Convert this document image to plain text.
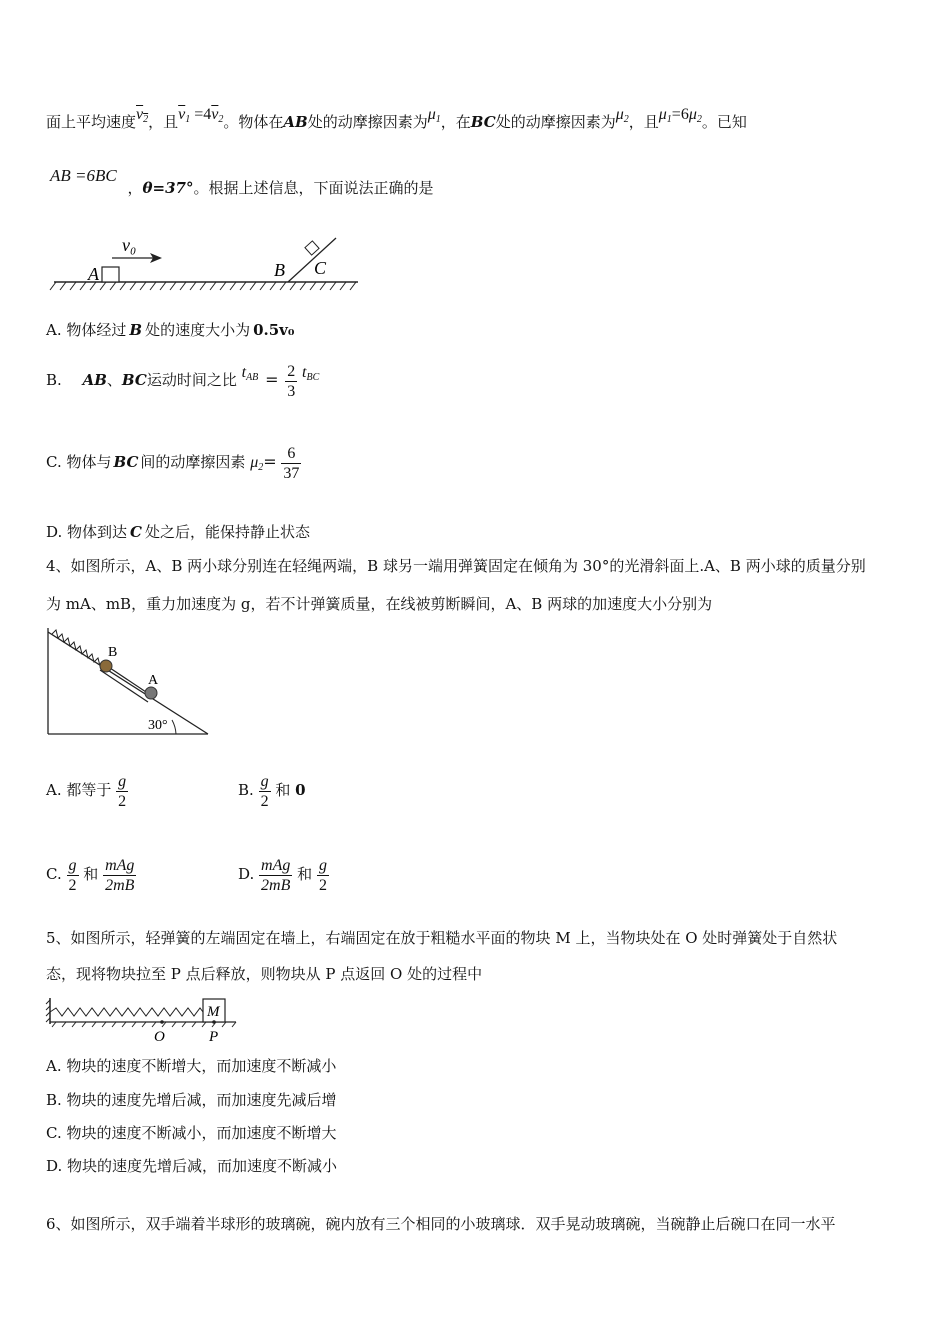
面上平均速度$v_2$，且$\overline{v}_1 =4\overline{v}_2$。物体在AB处的动摩擦因素为$\mu_1$，在BC处的动摩擦因素为$\mu_2$，且$\mu_1=6\mu_2$。已知
AB =6BC ，θ=37°。根据上述信息，下面说法正确的是
v₀
A	B C
A. 物体经过 B 处的速度大小为 0.5v₀
B. AB、BC运动时间之比 $t_{AB} = \frac{2}{3} t_{BC}$
C. 物体与 BC 间的动摩擦因素 $\mu_2= \frac{6}{37}$
D. 物体到达 C 处之后，能保持静止状态
4、如图所示，A、B 两小球分别连在轻绳两端，B 球另一端用弹簧固定在倾角为 30°的光滑斜面上.A、B 两小球的质量分别
为 mA、mB，重力加速度为 g，若不计弹簧质量，在线被剪断瞬间，A、B 两球的加速度大小分别为
B
A
30°
A. 都等于 $\frac{g}{2}$	B. $\frac{g}{2}$ 和 0
C. $\frac{g}{2}$ 和 $\frac{\text{mAg}}{2mB}$	D. $\frac{\text{mAg}}{2mB}$ 和 $\frac{g}{2}$
5、如图所示，轻弹簧的左端固定在墙上，右端固定在放于粗糙水平面的物块 M 上，当物块处在 O 处时弹簧处于自然状
态，现将物块拉至 P 点后释放，则物块从 P 点返回 O 处的过程中
M
O	P
A. 物块的速度不断增大，而加速度不断减小
B. 物块的速度先增后减，而加速度先减后增
C. 物块的速度不断减小，而加速度不断增大
D. 物块的速度先增后减，而加速度不断减小
6、如图所示，双手端着半球形的玻璃碗，碗内放有三个相同的小玻璃球．双手晃动玻璃碗，当碗静止后碗口在同一水平
